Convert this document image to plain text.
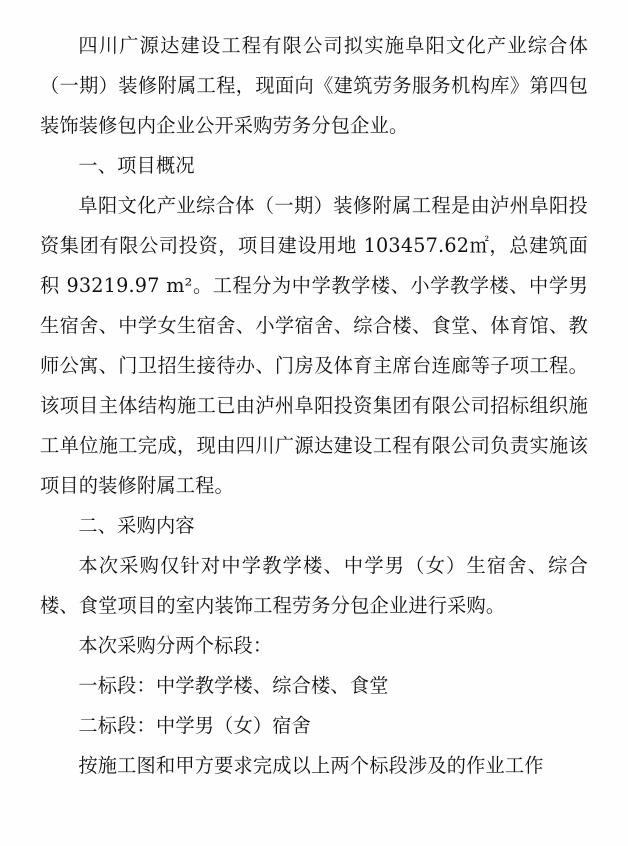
四川广源达建设工程有限公司拟实施阜阳文化产业综合体（一期）装修附属工程，现面向《建筑劳务服务机构库》第四包装饰装修包内企业公开采购劳务分包企业。

一、项目概况

阜阳文化产业综合体（一期）装修附属工程是由泸州阜阳投资集团有限公司投资，项目建设用地 103457.62㎡，总建筑面积 93219.97 m²。工程分为中学教学楼、小学教学楼、中学男生宿舍、中学女生宿舍、小学宿舍、综合楼、食堂、体育馆、教师公寓、门卫招生接待办、门房及体育主席台连廊等子项工程。该项目主体结构施工已由泸州阜阳投资集团有限公司招标组织施工单位施工完成，现由四川广源达建设工程有限公司负责实施该项目的装修附属工程。

二、采购内容

本次采购仅针对中学教学楼、中学男（女）生宿舍、综合楼、食堂项目的室内装饰工程劳务分包企业进行采购。

本次采购分两个标段：

一标段：中学教学楼、综合楼、食堂

二标段：中学男（女）宿舍

按施工图和甲方要求完成以上两个标段涉及的作业工作
